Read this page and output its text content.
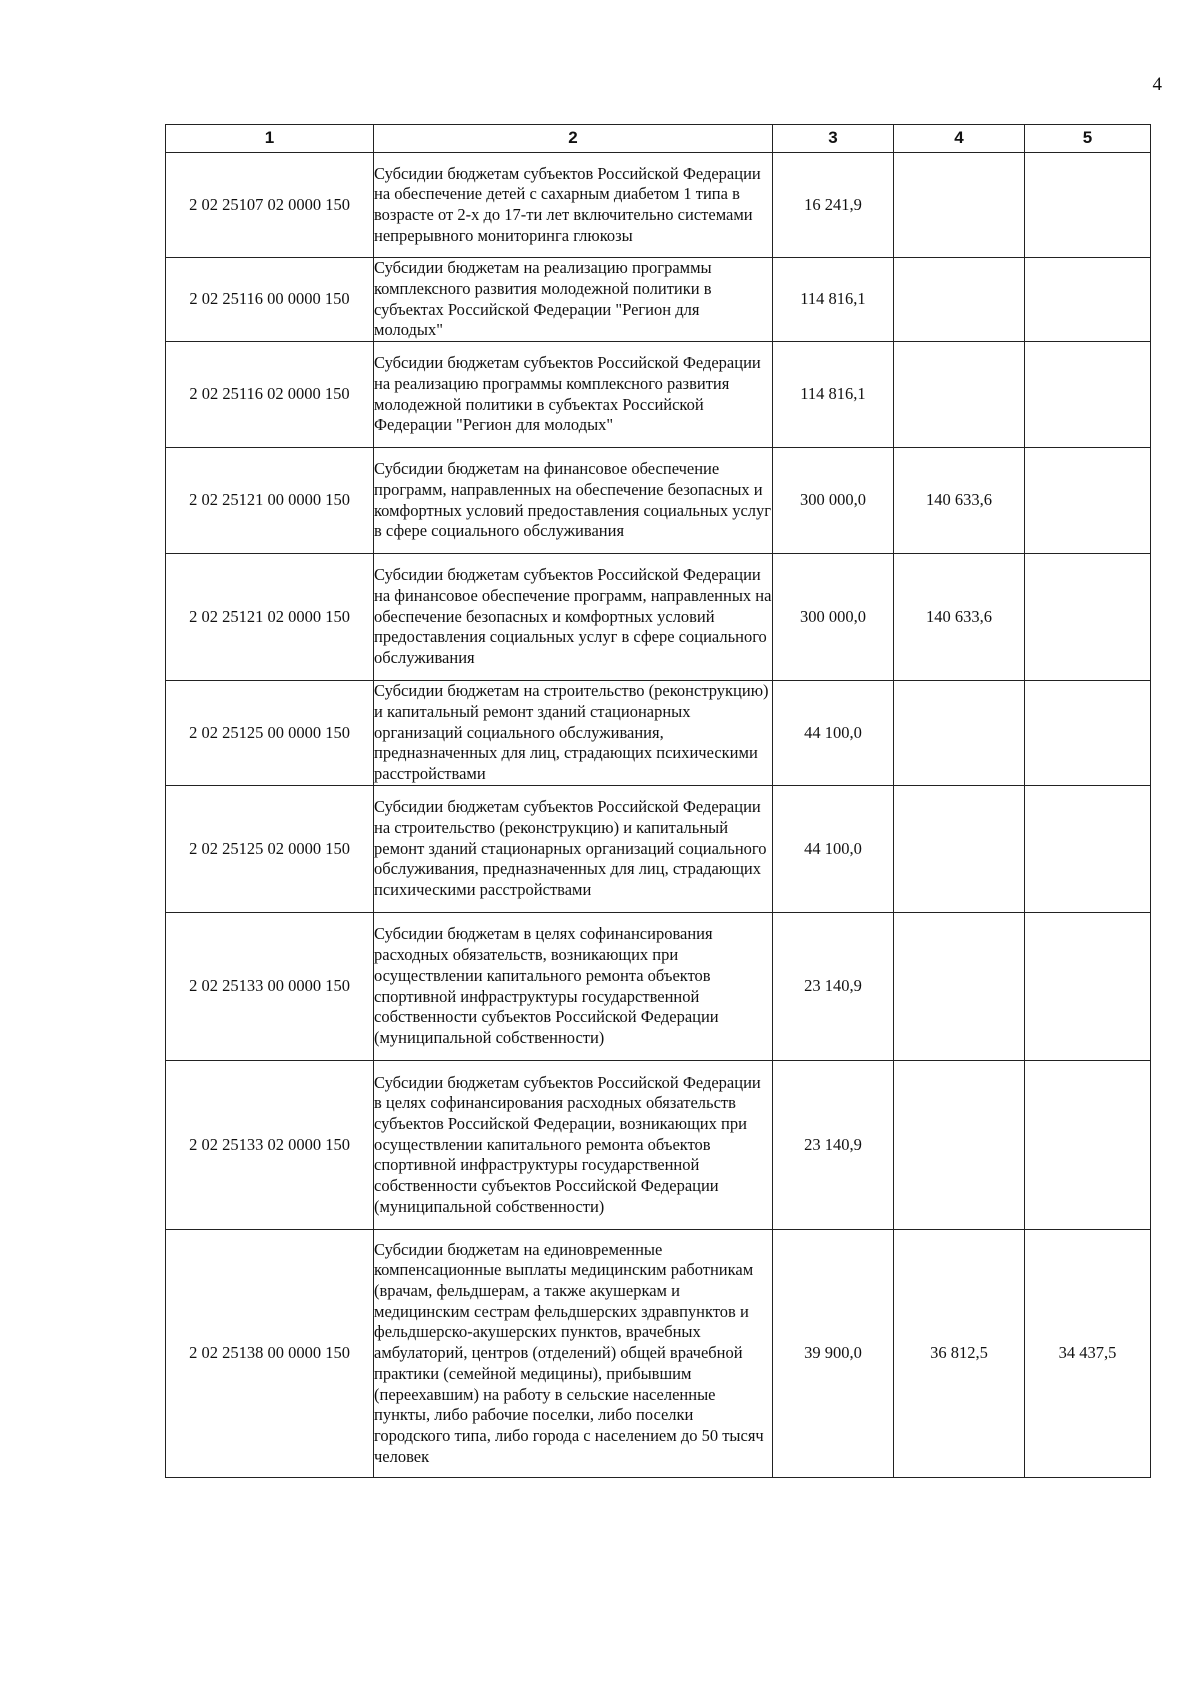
4
1	2	3	4	5
2 02 25107 02 0000 150	Субсидии бюджетам субъектов Российской Федерации на обеспечение детей с сахарным диабетом 1 типа в возрасте от 2-х до 17-ти лет включительно системами непрерывного мониторинга глюкозы	16 241,9		
2 02 25116 00 0000 150	Субсидии бюджетам на реализацию программы комплексного развития молодежной политики в субъектах Российской Федерации "Регион для молодых"	114 816,1		
2 02 25116 02 0000 150	Субсидии бюджетам субъектов Российской Федерации на реализацию программы комплексного развития молодежной политики в субъектах Российской Федерации "Регион для молодых"	114 816,1		
2 02 25121 00 0000 150	Субсидии бюджетам на финансовое обеспечение программ, направленных на обеспечение безопасных и комфортных условий предоставления социальных услуг в сфере социального обслуживания	300 000,0	140 633,6	
2 02 25121 02 0000 150	Субсидии бюджетам субъектов Российской Федерации на финансовое обеспечение программ, направленных на обеспечение безопасных и комфортных условий предоставления социальных услуг в сфере социального обслуживания	300 000,0	140 633,6	
2 02 25125 00 0000 150	Субсидии бюджетам на строительство (реконструкцию) и капитальный ремонт зданий стационарных организаций социального обслуживания, предназначенных для лиц, страдающих психическими расстройствами	44 100,0		
2 02 25125 02 0000 150	Субсидии бюджетам субъектов Российской Федерации на строительство (реконструкцию) и капитальный ремонт зданий стационарных организаций социального обслуживания, предназначенных для лиц, страдающих психическими расстройствами	44 100,0		
2 02 25133 00 0000 150	Субсидии бюджетам в целях софинансирования расходных обязательств, возникающих при осуществлении капитального ремонта объектов спортивной инфраструктуры государственной собственности субъектов Российской Федерации (муниципальной собственности)	23 140,9		
2 02 25133 02 0000 150	Субсидии бюджетам субъектов Российской Федерации в целях софинансирования расходных обязательств субъектов Российской Федерации, возникающих при осуществлении капитального ремонта объектов спортивной инфраструктуры государственной собственности субъектов Российской Федерации (муниципальной собственности)	23 140,9		
2 02 25138 00 0000 150	Субсидии бюджетам на единовременные компенсационные выплаты медицинским работникам (врачам, фельдшерам, а также акушеркам и медицинским сестрам фельдшерских здравпунктов и фельдшерско-акушерских пунктов, врачебных амбулаторий, центров (отделений) общей врачебной практики (семейной медицины), прибывшим (переехавшим) на работу в сельские населенные пункты, либо рабочие поселки, либо поселки городского типа, либо города с населением до 50 тысяч человек	39 900,0	36 812,5	34 437,5
